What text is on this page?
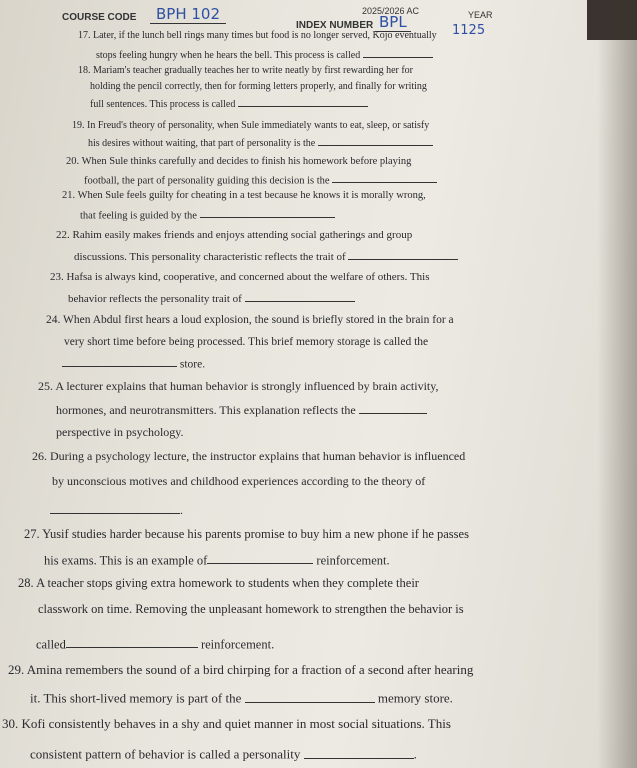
2025/2026 AC	YEAR
COURSE CODE	BPH 102
INDEX NUMBER BPL	1125
17. Later, if the lunch bell rings many times but food is no longer served, Kojo eventually
stops feeling hungry when he hears the bell. This process is called
18. Mariam's teacher gradually teaches her to write neatly by first rewarding her for
holding the pencil correctly, then for forming letters properly, and finally for writing
full sentences. This process is called
19. In Freud's theory of personality, when Sule immediately wants to eat, sleep, or satisfy
his desires without waiting, that part of personality is the
20. When Sule thinks carefully and decides to finish his homework before playing
football, the part of personality guiding this decision is the
21. When Sule feels guilty for cheating in a test because he knows it is morally wrong,
that feeling is guided by the
22. Rahim easily makes friends and enjoys attending social gatherings and group
discussions. This personality characteristic reflects the trait of
23. Hafsa is always kind, cooperative, and concerned about the welfare of others. This
behavior reflects the personality trait of
24. When Abdul first hears a loud explosion, the sound is briefly stored in the brain for a
very short time before being processed. This brief memory storage is called the
store.
25. A lecturer explains that human behavior is strongly influenced by brain activity,
hormones, and neurotransmitters. This explanation reflects the
perspective in psychology.
26. During a psychology lecture, the instructor explains that human behavior is influenced
by unconscious motives and childhood experiences according to the theory of
.
27. Yusif studies harder because his parents promise to buy him a new phone if he passes
his exams. This is an example of	reinforcement.
28. A teacher stops giving extra homework to students when they complete their
classwork on time. Removing the unpleasant homework to strengthen the behavior is
called	reinforcement.
29. Amina remembers the sound of a bird chirping for a fraction of a second after hearing
it. This short-lived memory is part of the	memory store.
30. Kofi consistently behaves in a shy and quiet manner in most social situations. This
consistent pattern of behavior is called a personality	.
